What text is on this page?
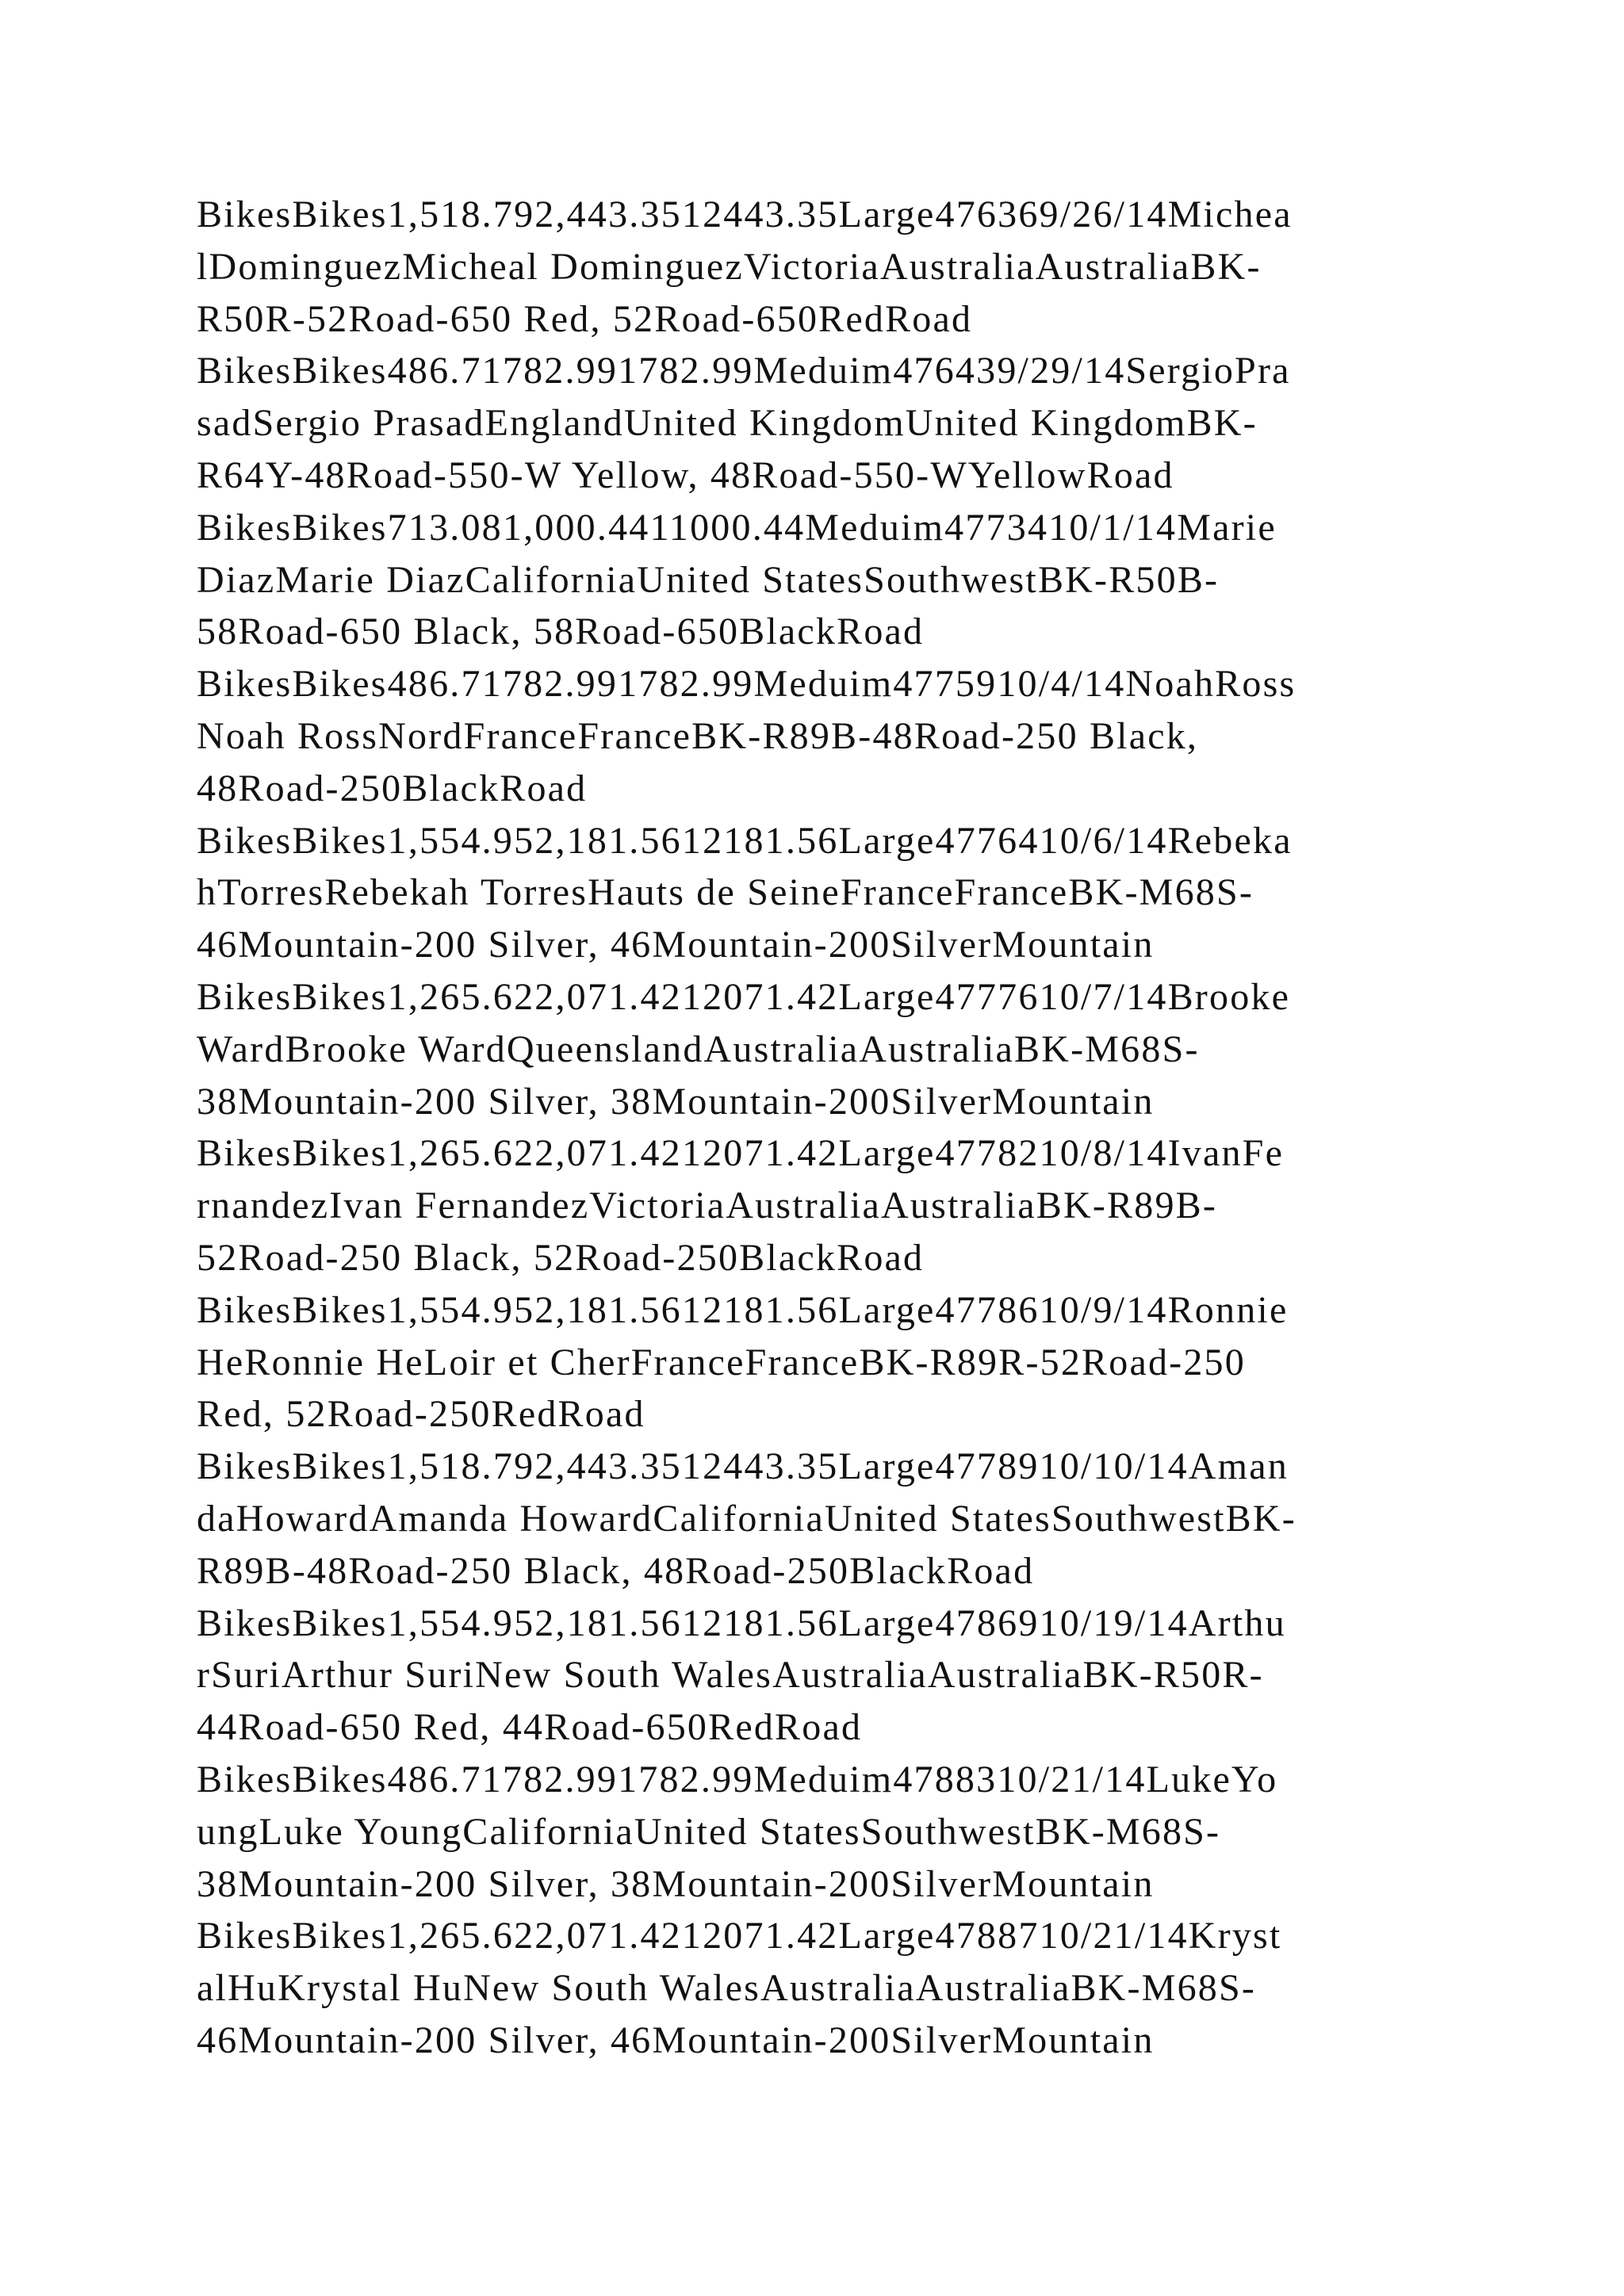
BikesBikes1,518.792,443.3512443.35Large476369/26/14Michea
lDominguezMicheal DominguezVictoriaAustraliaAustraliaBK-
R50R-52Road-650 Red, 52Road-650RedRoad
BikesBikes486.71782.991782.99Meduim476439/29/14SergioPra
sadSergio PrasadEnglandUnited KingdomUnited KingdomBK-
R64Y-48Road-550-W Yellow, 48Road-550-WYellowRoad
BikesBikes713.081,000.4411000.44Meduim4773410/1/14Marie
DiazMarie DiazCaliforniaUnited StatesSouthwestBK-R50B-
58Road-650 Black, 58Road-650BlackRoad
BikesBikes486.71782.991782.99Meduim4775910/4/14NoahRoss
Noah RossNordFranceFranceBK-R89B-48Road-250 Black,
48Road-250BlackRoad
BikesBikes1,554.952,181.5612181.56Large4776410/6/14Rebeka
hTorresRebekah TorresHauts de SeineFranceFranceBK-M68S-
46Mountain-200 Silver, 46Mountain-200SilverMountain
BikesBikes1,265.622,071.4212071.42Large4777610/7/14Brooke
WardBrooke WardQueenslandAustraliaAustraliaBK-M68S-
38Mountain-200 Silver, 38Mountain-200SilverMountain
BikesBikes1,265.622,071.4212071.42Large4778210/8/14IvanFe
rnandezIvan FernandezVictoriaAustraliaAustraliaBK-R89B-
52Road-250 Black, 52Road-250BlackRoad
BikesBikes1,554.952,181.5612181.56Large4778610/9/14Ronnie
HeRonnie HeLoir et CherFranceFranceBK-R89R-52Road-250
Red, 52Road-250RedRoad
BikesBikes1,518.792,443.3512443.35Large4778910/10/14Aman
daHowardAmanda HowardCaliforniaUnited StatesSouthwestBK-
R89B-48Road-250 Black, 48Road-250BlackRoad
BikesBikes1,554.952,181.5612181.56Large4786910/19/14Arthu
rSuriArthur SuriNew South WalesAustraliaAustraliaBK-R50R-
44Road-650 Red, 44Road-650RedRoad
BikesBikes486.71782.991782.99Meduim4788310/21/14LukeYo
ungLuke YoungCaliforniaUnited StatesSouthwestBK-M68S-
38Mountain-200 Silver, 38Mountain-200SilverMountain
BikesBikes1,265.622,071.4212071.42Large4788710/21/14Kryst
alHuKrystal HuNew South WalesAustraliaAustraliaBK-M68S-
46Mountain-200 Silver, 46Mountain-200SilverMountain
